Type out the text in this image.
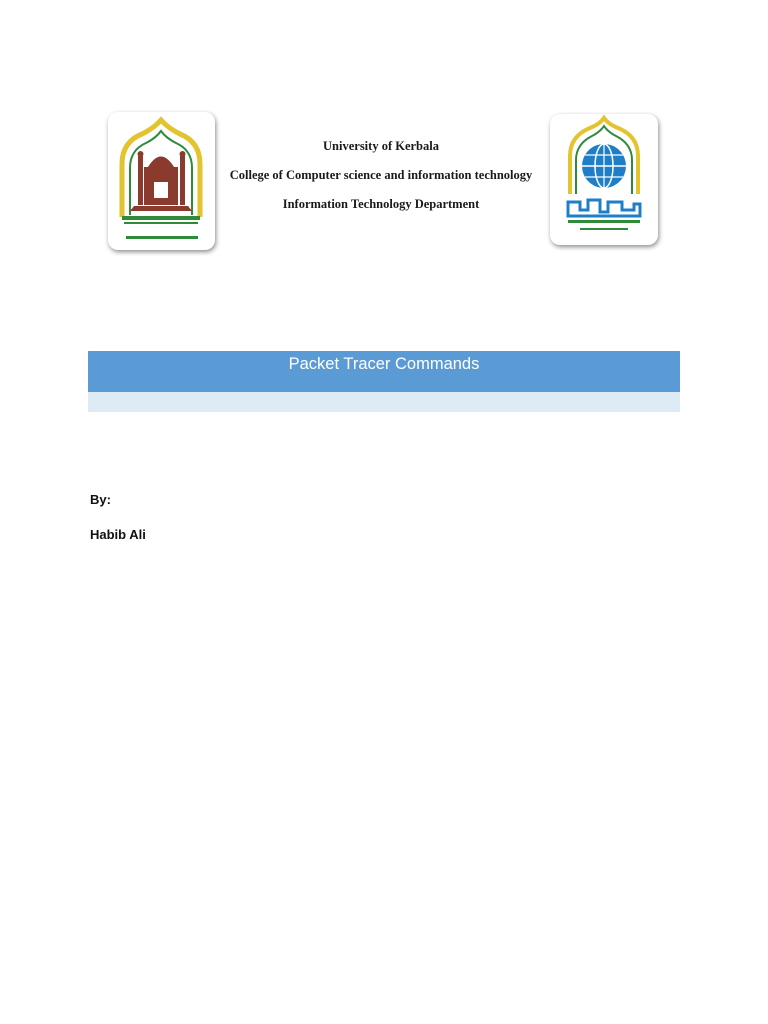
University of Kerbala
College of Computer science and information technology
Information Technology Department
Packet Tracer Commands
By:
Habib Ali
